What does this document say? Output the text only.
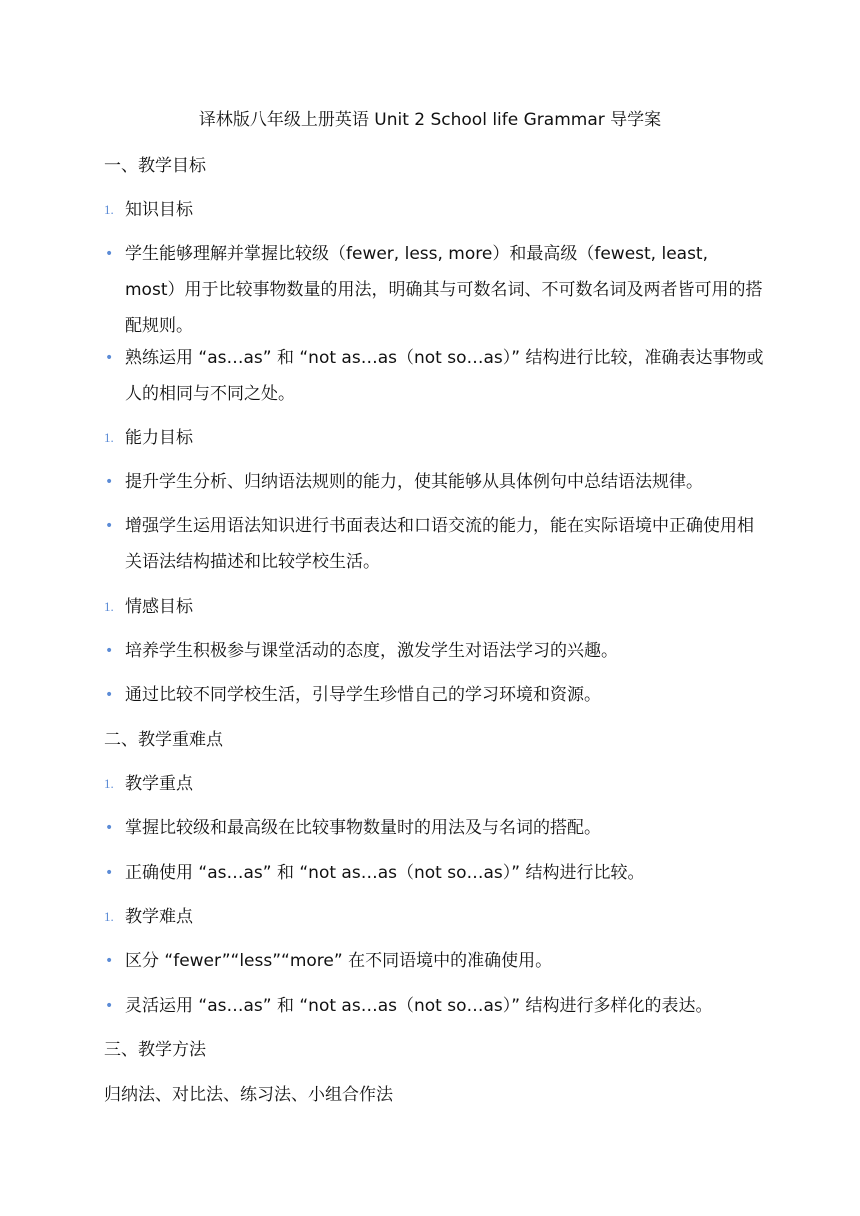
译林版八年级上册英语 Unit 2 School life Grammar 导学案
一、教学目标
1. 知识目标
• 学生能够理解并掌握比较级（fewer, less, more）和最高级（fewest, least, most）用于比较事物数量的用法，明确其与可数名词、不可数名词及两者皆可用的搭配规则。
• 熟练运用 “as…as” 和 “not as…as（not so…as）” 结构进行比较，准确表达事物或人的相同与不同之处。
1. 能力目标
• 提升学生分析、归纳语法规则的能力，使其能够从具体例句中总结语法规律。
• 增强学生运用语法知识进行书面表达和口语交流的能力，能在实际语境中正确使用相关语法结构描述和比较学校生活。
1. 情感目标
• 培养学生积极参与课堂活动的态度，激发学生对语法学习的兴趣。
• 通过比较不同学校生活，引导学生珍惜自己的学习环境和资源。
二、教学重难点
1. 教学重点
• 掌握比较级和最高级在比较事物数量时的用法及与名词的搭配。
• 正确使用 “as…as” 和 “not as…as（not so…as）” 结构进行比较。
1. 教学难点
• 区分 “fewer”“less”“more” 在不同语境中的准确使用。
• 灵活运用 “as…as” 和 “not as…as（not so…as）” 结构进行多样化的表达。
三、教学方法
归纳法、对比法、练习法、小组合作法
